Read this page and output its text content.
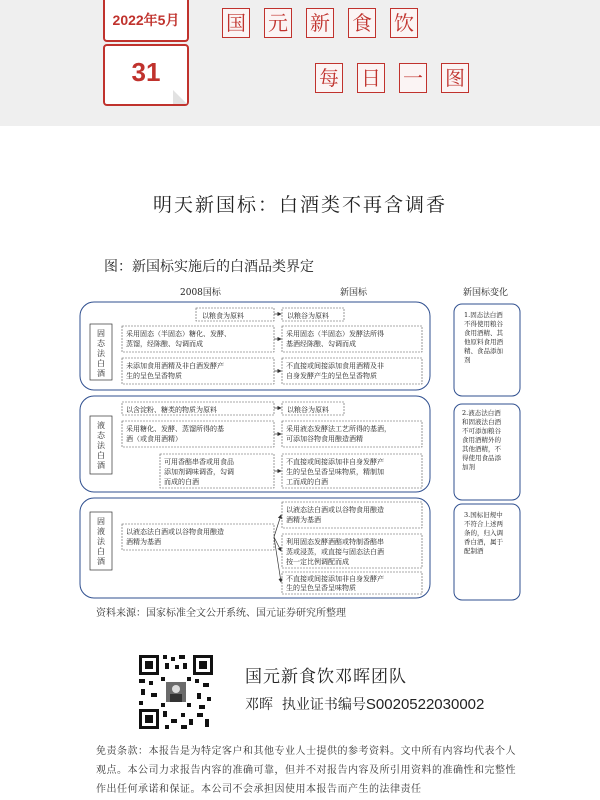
2022年5月
31
国 元 新 食 饮
每 日 一 图
明天新国标：白酒类不再含调香
图：新国标实施后的白酒品类界定
2008国标	新国标	新国标变化
固态法白酒
以粮食为原料
采用固态（半固态）糖化、发酵、蒸馏，经陈酿、勾调而成
未添加食用酒精及非白酒发酵产生的呈色呈香物质
以粮谷为原料
采用固态（半固态）发酵法所得基酒经陈酿、勾调而成
不直接或间接添加食用酒精及非自身发酵产生的呈色呈香物质
液态法白酒
以含淀粉、糖类的物质为原料
采用糖化、发酵、蒸馏所得的基酒（或食用酒精）
可用香醅串香或用食品添加剂调味调香，勾调而成的白酒
以粮谷为原料
采用液态发酵法工艺所得的基酒，可添加谷物食用酿造酒精
不直接或间接添加非自身发酵产生的呈色呈香呈味物质，精制加工而成的白酒
固液法白酒
以液态法白酒或以谷物食用酿造酒精为基酒
以液态法白酒或以谷物食用酿造酒精为基酒
利用固态发酵酒醅或特制香醅串蒸或浸蒸，或直接与固态法白酒按一定比例调配而成
不直接或间接添加非自身发酵产生的呈色呈香呈味物质
1.固态法白酒不得使用粮谷食用酒精、其他原料食用酒精、食品添加剂
2.液态法白酒和固液法白酒不可添加粮谷食用酒精外的其他酒精，不得使用食品添加剂
3.国标旧规中不符合上述两条的，归入调香白酒，属于配制酒
资料来源：国家标准全文公开系统、国元证券研究所整理
国元新食饮邓晖团队
邓晖 执业证书编号S0020522030002
免责条款：本报告是为特定客户和其他专业人士提供的参考资料。文中所有内容均代表个人观点。本公司力求报告内容的准确可靠，但并不对报告内容及所引用资料的准确性和完整性作出任何承诺和保证。本公司不会承担因使用本报告而产生的法律责任
